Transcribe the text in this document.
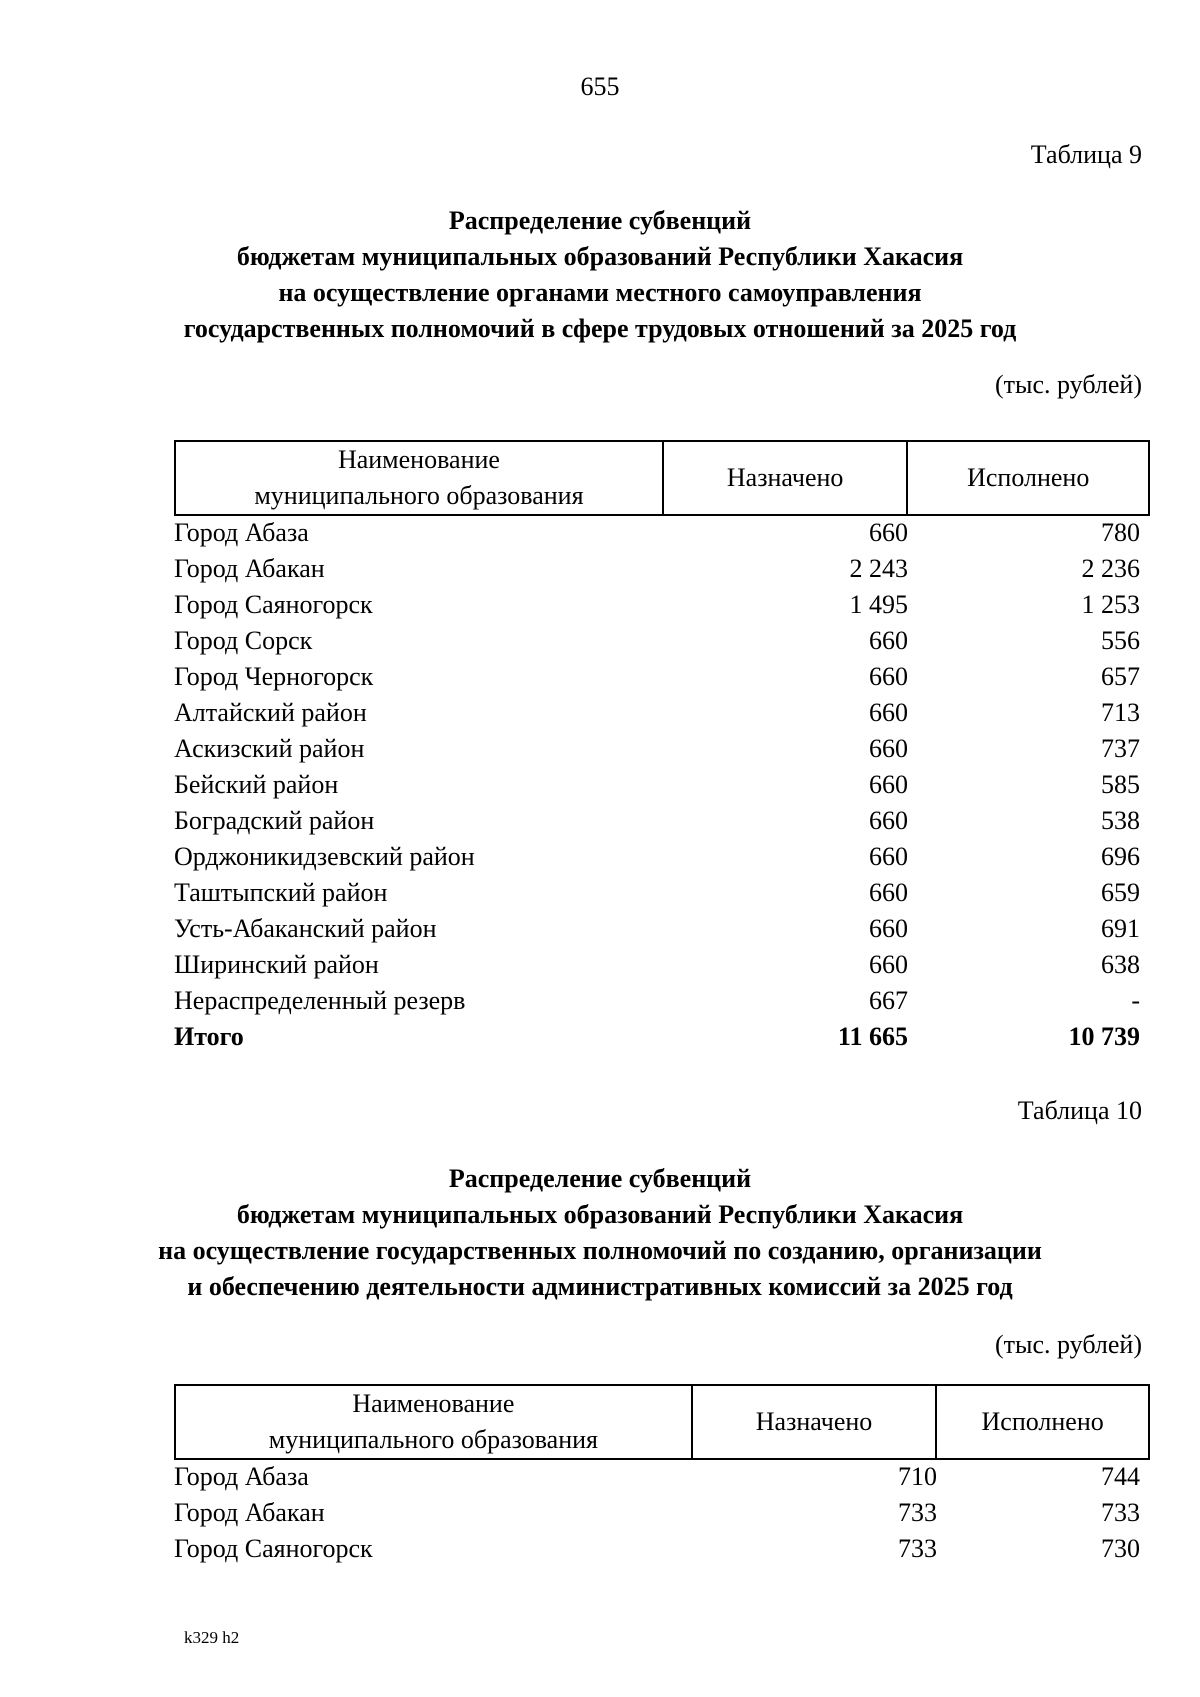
655
Таблица 9
Распределение субвенций
бюджетам муниципальных образований Республики Хакасия
на осуществление органами местного самоуправления
государственных полномочий в сфере трудовых отношений за 2025 год
(тыс. рублей)
Наименование
муниципального образования
	Назначено	Исполнено
Город Абаза	660	780
Город Абакан	2 243	2 236
Город Саяногорск	1 495	1 253
Город Сорск	660	556
Город Черногорск	660	657
Алтайский район	660	713
Аскизский район	660	737
Бейский район	660	585
Боградский район	660	538
Орджоникидзевский район	660	696
Таштыпский район	660	659
Усть-Абаканский район	660	691
Ширинский район	660	638
Нераспределенный резерв	667	-
Итого	11 665	10 739
Таблица 10
Распределение субвенций
бюджетам муниципальных образований Республики Хакасия
на осуществление государственных полномочий по созданию, организации
и обеспечению деятельности административных комиссий за 2025 год
(тыс. рублей)
Наименование
муниципального образования
	Назначено	Исполнено
Город Абаза	710	744
Город Абакан	733	733
Город Саяногорск	733	730
k329 h2
